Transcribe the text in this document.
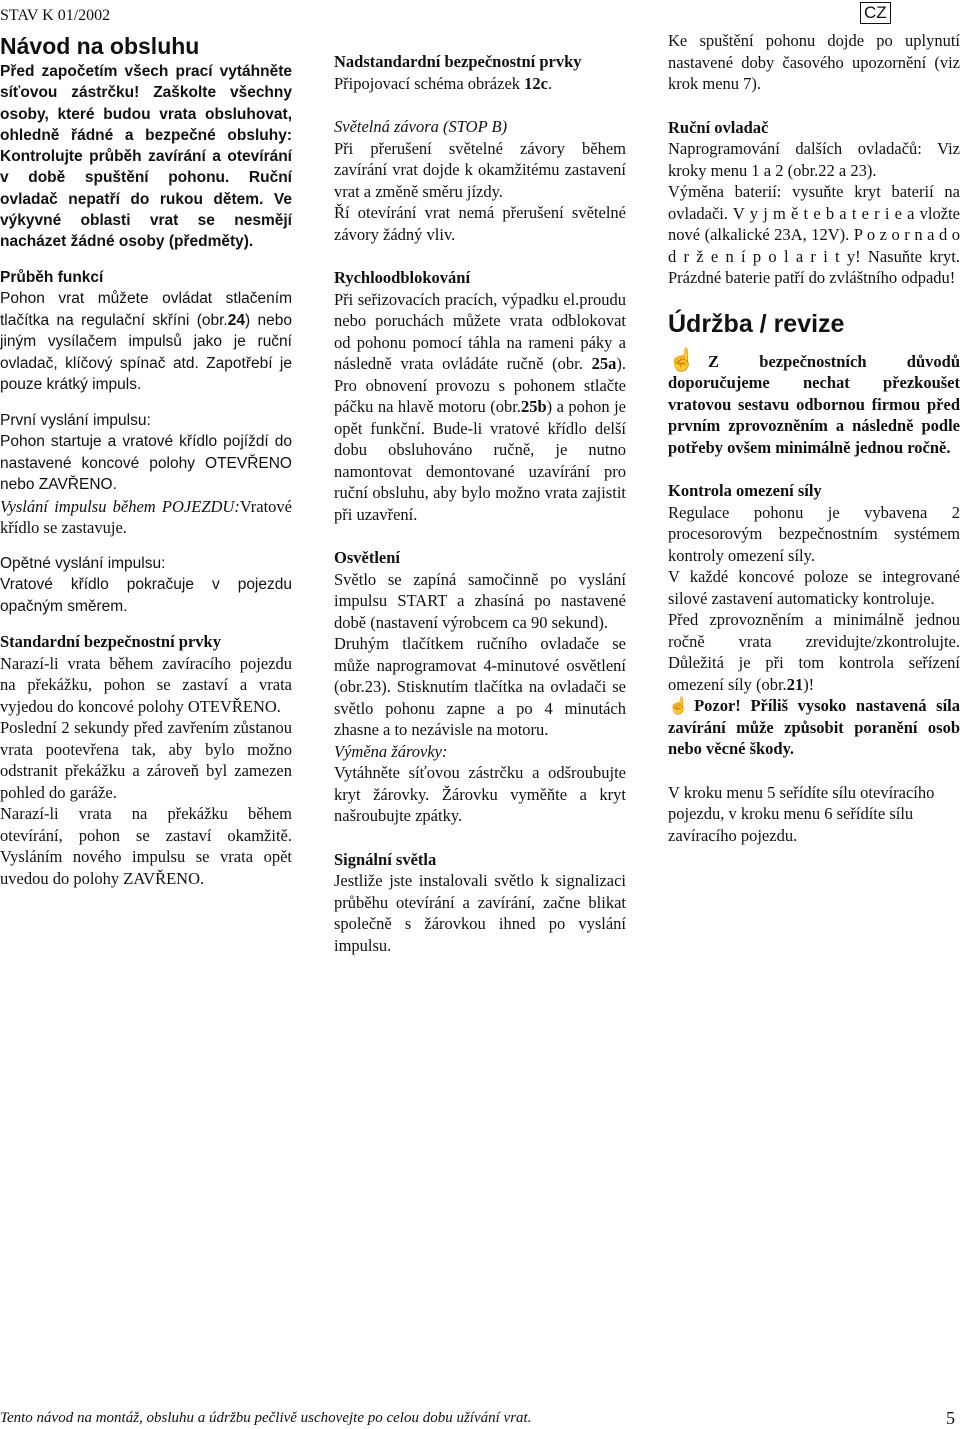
STAV K 01/2002
Návod na obsluhu
CZ

Před započetím všech prací vytáhněte síťovou zástrčku! Zaškolte všechny osoby, které budou vrata obsluhovat, ohledně řádné a bezpečné obsluhy: Kontrolujte průběh zavírání a otevírání v době spuštění pohonu. Ruční ovladač nepatří do rukou dětem. Ve výkyvné oblasti vrat se nesmějí nacházet žádné osoby (předměty).

Průběh funkcí

Pohon vrat můžete ovládat stlačením tlačítka na regulační skříni (obr.24) nebo jiným vysílačem impulsů jako je ruční ovladač, klíčový spínač atd. Zapotřebí je pouze krátký impuls.

První vyslání impulsu:

Pohon startuje a vratové křídlo pojíždí do nastavené koncové polohy OTEVŘENO nebo ZAVŘENO.

Vyslání impulsu během POJEZDU:Vratové křídlo se zastavuje.

Opětné vyslání impulsu:

Vratové křídlo pokračuje v pojezdu opačným směrem.

Standardní bezpečnostní prvky

Narazí-li vrata během zavíracího pojezdu na překážku, pohon se zastaví a vrata vyjedou do koncové polohy OTEVŘENO.

Poslední 2 sekundy před zavřením zůstanou vrata pootevřena tak, aby bylo možno odstranit překážku a zároveň byl zamezen pohled do garáže.

Narazí-li vrata na překážku během otevírání, pohon se zastaví okamžitě. Vysláním nového impulsu se vrata opět uvedou do polohy ZAVŘENO.

Nadstandardní bezpečnostní prvky

Připojovací schéma obrázek 12c.

Světelná závora (STOP B)

Při přerušení světelné závory během zavírání vrat dojde k okamžitému zastavení vrat a změně směru jízdy.

Ří otevírání vrat nemá přerušení světelné závory žádný vliv.

Rychloodblokování

Při seřizovacích pracích, výpadku el.proudu nebo poruchách můžete vrata odblokovat od pohonu pomocí táhla na rameni páky a následně vrata ovládáte ručně (obr. 25a). Pro obnovení provozu s pohonem stlačte páčku na hlavě motoru (obr.25b) a pohon je opět funkční. Bude-li vratové křídlo delší dobu obsluhováno ručně, je nutno namontovat demontované uzavírání pro ruční obsluhu, aby bylo možno vrata zajistit při uzavření.

Osvětlení

Světlo se zapíná samočinně po vyslání impulsu START a zhasíná po nastavené době (nastavení výrobcem ca 90 sekund).

Druhým tlačítkem ručního ovladače se může naprogramovat 4-minutové osvětlení (obr.23). Stisknutím tlačítka na ovladači se světlo pohonu zapne a po 4 minutách zhasne a to nezávisle na motoru.

Výměna žárovky:

Vytáhněte síťovou zástrčku a odšroubujte kryt žárovky. Žárovku vyměňte a kryt našroubujte zpátky.

Signální světla

Jestliže jste instalovali světlo k signalizaci průběhu otevírání a zavírání, začne blikat společně s žárovkou ihned po vyslání impulsu.

Ke spuštění pohonu dojde po uplynutí nastavené doby časového upozornění (viz krok menu 7).

Ruční ovladač

Naprogramování dalších ovladačů: Viz kroky menu 1 a 2 (obr.22 a 23).

Výměna baterií: vysuňte kryt baterií na ovladači. V y j m ě t e b a t e r i e a vložte nové (alkalické 23A, 12V). P o z o r n a d o d r ž e n í p o l a r i t y! Nasuňte kryt. Prázdné baterie patří do zvláštního odpadu!

Údržba / revize

☝ Z bezpečnostních důvodů doporučujeme nechat přezkoušet vratovou sestavu odbornou firmou před prvním zprovozněním a následně podle potřeby ovšem minimálně jednou ročně.

Kontrola omezení síly

Regulace pohonu je vybavena 2 procesorovým bezpečnostním systémem kontroly omezení síly.

V každé koncové poloze se integrované silové zastavení automaticky kontroluje.

Před zprovozněním a minimálně jednou ročně vrata zrevidujte/zkontrolujte. Důležitá je při tom kontrola seřízení omezení síly (obr.21)!

☝Pozor! Příliš vysoko nastavená síla zavírání může způsobit poranění osob nebo věcné škody.

V kroku menu 5 seřídíte sílu otevíracího pojezdu, v kroku menu 6 seřídíte sílu zavíracího pojezdu.

Tento návod na montáž, obsluhu a údržbu pečlivě uschovejte po celou dobu užívání vrat.	5
